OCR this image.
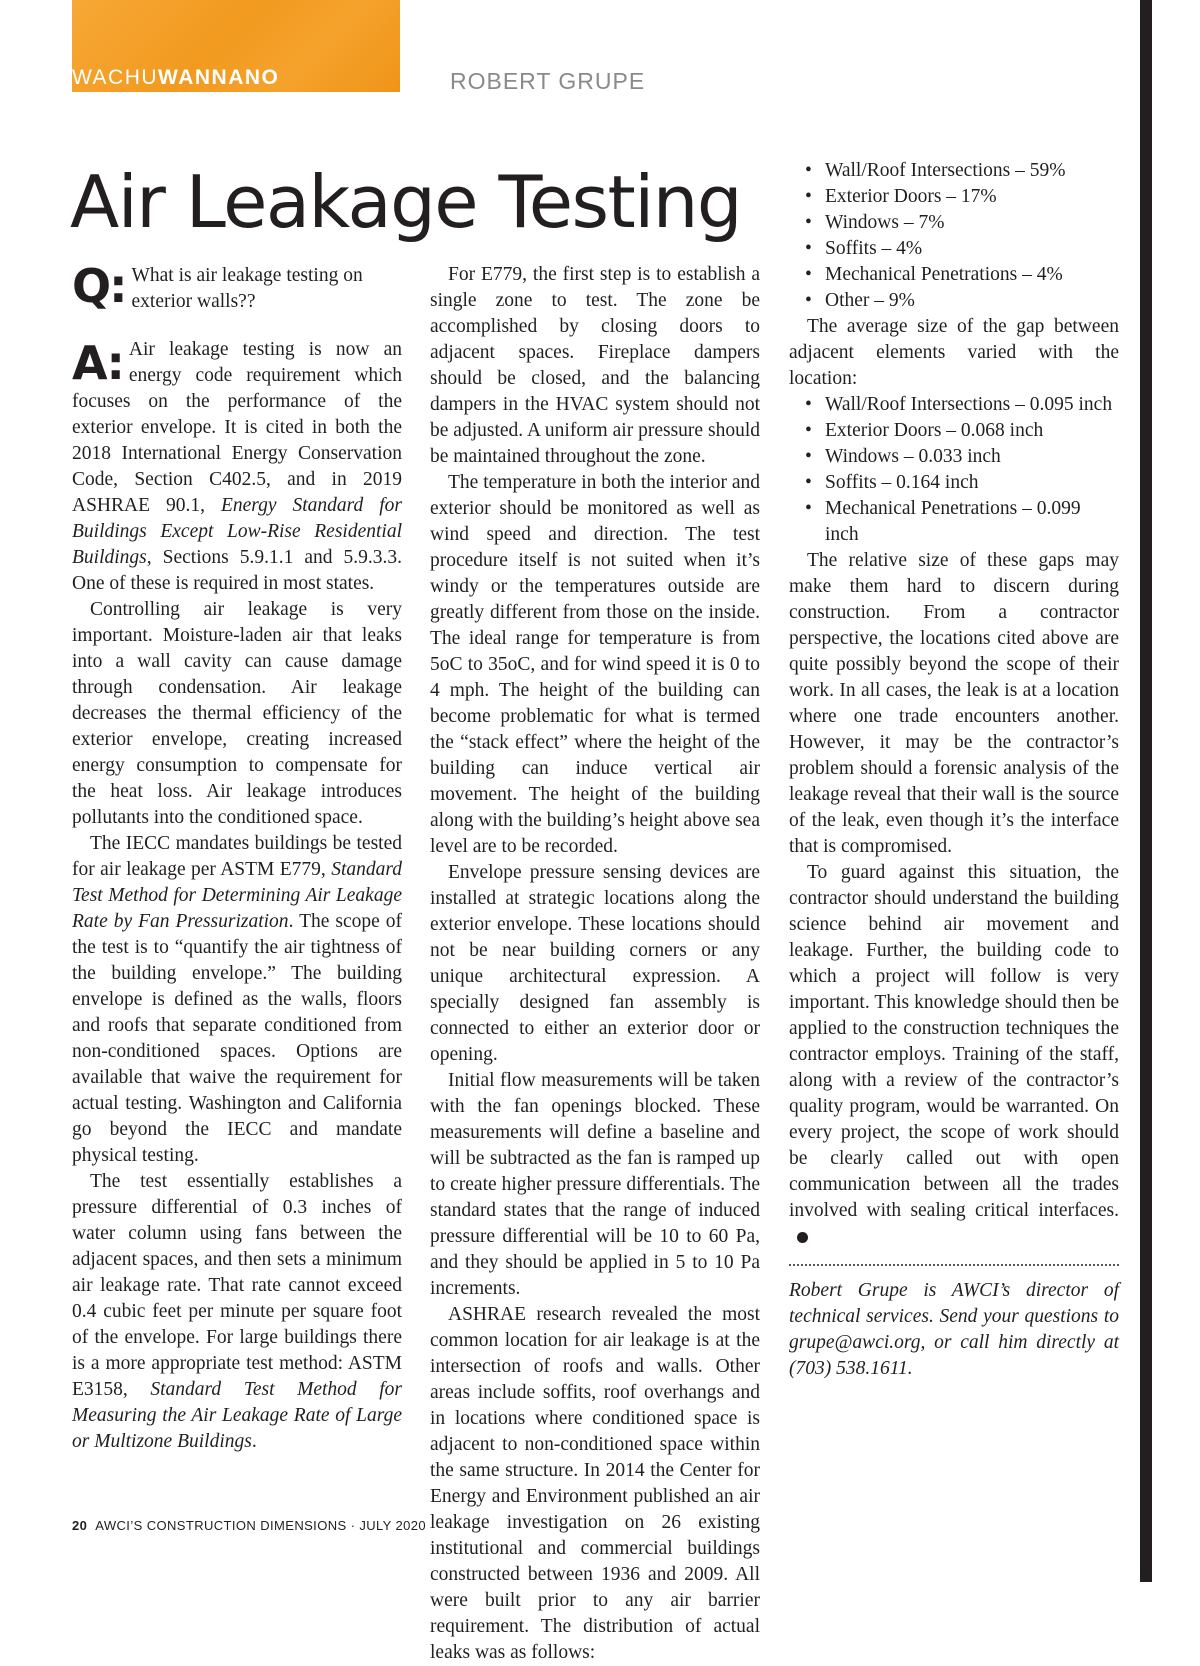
WACHUWANNANO	ROBERT GRUPE
Air Leakage Testing
Q: What is air leakage testing on exterior walls??

A: Air leakage testing is now an energy code requirement which focuses on the performance of the exterior envelope. It is cited in both the 2018 International Energy Conservation Code, Section C402.5, and in 2019 ASHRAE 90.1, Energy Standard for Buildings Except Low-Rise Residential Buildings, Sections 5.9.1.1 and 5.9.3.3. One of these is required in most states.

Controlling air leakage is very important. Moisture-laden air that leaks into a wall cavity can cause damage through condensation. Air leakage decreases the thermal efficiency of the exterior envelope, creating increased energy consumption to compensate for the heat loss. Air leakage introduces pollutants into the conditioned space.

The IECC mandates buildings be tested for air leakage per ASTM E779, Standard Test Method for Determining Air Leakage Rate by Fan Pressurization. The scope of the test is to “quantify the air tightness of the building envelope.” The building envelope is defined as the walls, floors and roofs that separate conditioned from non-conditioned spaces. Options are available that waive the requirement for actual testing. Washington and California go beyond the IECC and mandate physical testing.

The test essentially establishes a pressure differential of 0.3 inches of water column using fans between the adjacent spaces, and then sets a minimum air leakage rate. That rate cannot exceed 0.4 cubic feet per minute per square foot of the envelope. For large buildings there is a more appropriate test method: ASTM E3158, Standard Test Method for Measuring the Air Leakage Rate of Large or Multizone Buildings.

For E779, the first step is to establish a single zone to test. The zone be accomplished by closing doors to adjacent spaces. Fireplace dampers should be closed, and the balancing dampers in the HVAC system should not be adjusted. A uniform air pressure should be maintained throughout the zone.

The temperature in both the interior and exterior should be monitored as well as wind speed and direction. The test procedure itself is not suited when it’s windy or the temperatures outside are greatly different from those on the inside. The ideal range for temperature is from 5oC to 35oC, and for wind speed it is 0 to 4 mph. The height of the building can become problematic for what is termed the “stack effect” where the height of the building can induce vertical air movement. The height of the building along with the building’s height above sea level are to be recorded.

Envelope pressure sensing devices are installed at strategic locations along the exterior envelope. These locations should not be near building corners or any unique architectural expression. A specially designed fan assembly is connected to either an exterior door or opening.

Initial flow measurements will be taken with the fan openings blocked. These measurements will define a baseline and will be subtracted as the fan is ramped up to create higher pressure differentials. The standard states that the range of induced pressure differential will be 10 to 60 Pa, and they should be applied in 5 to 10 Pa increments.

ASHRAE research revealed the most common location for air leakage is at the intersection of roofs and walls. Other areas include soffits, roof overhangs and in locations where conditioned space is adjacent to non-conditioned space within the same structure. In 2014 the Center for Energy and Environment published an air leakage investigation on 26 existing institutional and commercial buildings constructed between 1936 and 2009. All were built prior to any air barrier requirement. The distribution of actual leaks was as follows:

• Wall/Roof Intersections – 59%
• Exterior Doors – 17%
• Windows – 7%
• Soffits – 4%
• Mechanical Penetrations – 4%
• Other – 9%

The average size of the gap between adjacent elements varied with the location:

• Wall/Roof Intersections – 0.095 inch
• Exterior Doors – 0.068 inch
• Windows – 0.033 inch
• Soffits – 0.164 inch
• Mechanical Penetrations – 0.099 inch

The relative size of these gaps may make them hard to discern during construction. From a contractor perspective, the locations cited above are quite possibly beyond the scope of their work. In all cases, the leak is at a location where one trade encounters another. However, it may be the contractor’s problem should a forensic analysis of the leakage reveal that their wall is the source of the leak, even though it’s the interface that is compromised.

To guard against this situation, the contractor should understand the building science behind air movement and leakage. Further, the building code to which a project will follow is very important. This knowledge should then be applied to the construction techniques the contractor employs. Training of the staff, along with a review of the contractor’s quality program, would be warranted. On every project, the scope of work should be clearly called out with open communication between all the trades involved with sealing critical interfaces.

Robert Grupe is AWCI’s director of technical services. Send your questions to grupe@awci.org, or call him directly at (703) 538.1611.

20 AWCI’S CONSTRUCTION DIMENSIONS · JULY 2020
